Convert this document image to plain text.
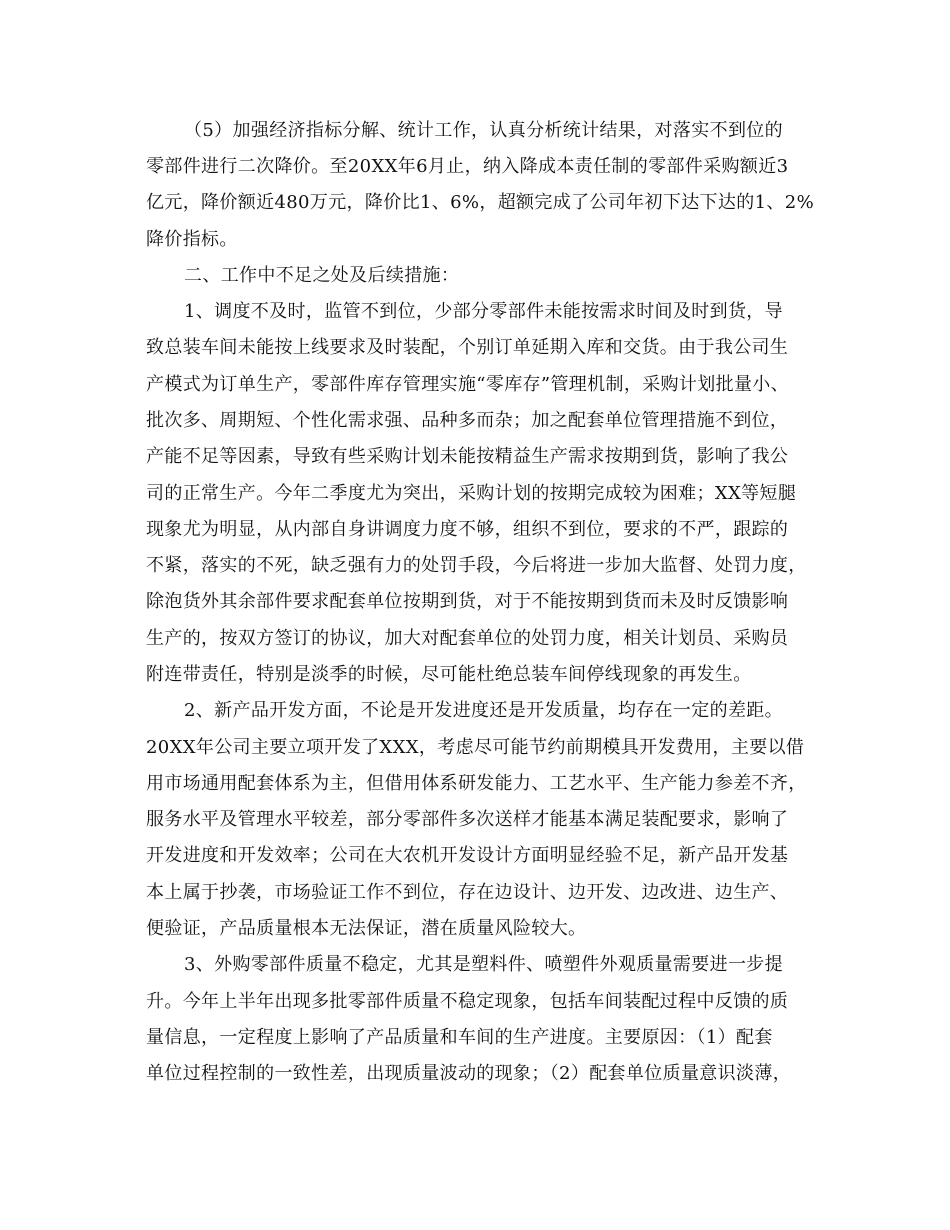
（5）加强经济指标分解、统计工作，认真分析统计结果，对落实不到位的
零部件进行二次降价。至20XX年6月止，纳入降成本责任制的零部件采购额近3
亿元，降价额近480万元，降价比1、6%，超额完成了公司年初下达下达的1、2%
降价指标。
二、工作中不足之处及后续措施：
1、调度不及时，监管不到位，少部分零部件未能按需求时间及时到货，导
致总装车间未能按上线要求及时装配，个别订单延期入库和交货。由于我公司生
产模式为订单生产，零部件库存管理实施“零库存”管理机制，采购计划批量小、
批次多、周期短、个性化需求强、品种多而杂；加之配套单位管理措施不到位，
产能不足等因素，导致有些采购计划未能按精益生产需求按期到货，影响了我公
司的正常生产。今年二季度尤为突出，采购计划的按期完成较为困难；XX等短腿
现象尤为明显，从内部自身讲调度力度不够，组织不到位，要求的不严，跟踪的
不紧，落实的不死，缺乏强有力的处罚手段，今后将进一步加大监督、处罚力度，
除泡货外其余部件要求配套单位按期到货，对于不能按期到货而未及时反馈影响
生产的，按双方签订的协议，加大对配套单位的处罚力度，相关计划员、采购员
附连带责任，特别是淡季的时候，尽可能杜绝总装车间停线现象的再发生。
2、新产品开发方面，不论是开发进度还是开发质量，均存在一定的差距。
20XX年公司主要立项开发了XXX，考虑尽可能节约前期模具开发费用，主要以借
用市场通用配套体系为主，但借用体系研发能力、工艺水平、生产能力参差不齐，
服务水平及管理水平较差，部分零部件多次送样才能基本满足装配要求，影响了
开发进度和开发效率；公司在大农机开发设计方面明显经验不足，新产品开发基
本上属于抄袭，市场验证工作不到位，存在边设计、边开发、边改进、边生产、
便验证，产品质量根本无法保证，潜在质量风险较大。
3、外购零部件质量不稳定，尤其是塑料件、喷塑件外观质量需要进一步提
升。今年上半年出现多批零部件质量不稳定现象，包括车间装配过程中反馈的质
量信息，一定程度上影响了产品质量和车间的生产进度。主要原因：（1）配套
单位过程控制的一致性差，出现质量波动的现象；（2）配套单位质量意识淡薄，
